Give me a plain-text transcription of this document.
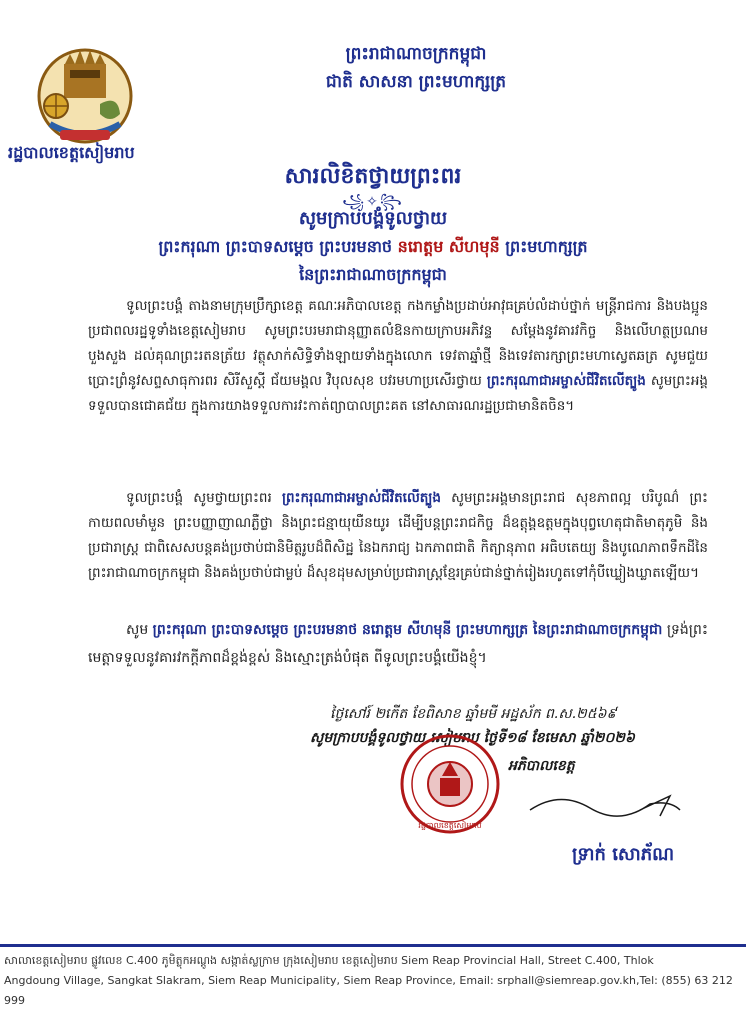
រដ្ឋបាលខេត្តសៀមរាប
ព្រះរាជាណាចក្រកម្ពុជា
ជាតិ សាសនា ព្រះមហាក្សត្រ
សារលិខិតថ្វាយព្រះពរ
꧁✧꧂
សូមក្រាបបង្គំទូលថ្វាយ
ព្រះករុណា ព្រះបាទសម្តេច ព្រះបរមនាថ នរោត្តម សីហមុនី ព្រះមហាក្សត្រ
នៃព្រះរាជាណាចក្រកម្ពុជា
ទូលព្រះបង្គំ តាងនាមក្រុមប្រឹក្សាខេត្ត គណៈអភិបាលខេត្ត កងកម្លាំងប្រដាប់អាវុធគ្រប់លំដាប់ថ្នាក់ មន្ត្រីរាជការ និងបងប្អូនប្រជាពលរដ្ឋទូទាំងខេត្តសៀមរាប សូមព្រះបរមរាជានុញ្ញាតលំឱនកាយក្រាបអភិវន្ទ សម្តែងនូវគារវកិច្ច និងលើហត្ថប្រណម បួងសួង ដល់គុណព្រះរតនត្រ័យ វត្ថុសាក់សិទ្ធិទាំងឡាយទាំងក្នុងលោក ទេវតាឆ្នាំថ្មី និងទេវតារក្សាព្រះមហាស្វេតឆត្រ សូមជួយប្រោះព្រំនូវសព្ទសាធុការពរ សិរីសួស្តី ជ័យមង្គល វិបុលសុខ បវរមហាប្រសើរថ្វាយ ព្រះករុណាជាអម្ចាស់ជីវិតលើត្បូង សូមព្រះអង្គទទួលបានជោគជ័យ ក្នុងការយាងទទួលការវះកាត់ព្យាបាលព្រះគត នៅសាធារណរដ្ឋប្រជាមានិតចិន។
ទូលព្រះបង្គំ សូមថ្វាយព្រះពរ ព្រះករុណាជាអម្ចាស់ជីវិតលើត្បូង សូមព្រះអង្គមានព្រះរាជ សុខភាពល្អ បរិបូណ៌ ព្រះកាយពលមាំមួន ព្រះបញ្ញាញាណភ្លឺថ្លា និងព្រះជន្មាយុយឺនយូរ ដើម្បីបន្តព្រះរាជកិច្ច ដ៏ឧត្តុង្គឧត្តមក្នុងបុព្វហេតុជាតិមាតុភូមិ និងប្រជារាស្ត្រ ជាពិសេសបន្តគង់ប្រថាប់ជានិមិត្តរូបដ៏ពិសិដ្ឋ នៃឯករាជ្យ ឯកភាពជាតិ កិត្យានុភាព អធិបតេយ្យ និងបូណេភាពទឹកដីនៃព្រះរាជាណាចក្រកម្ពុជា និងគង់ប្រថាប់ជាម្លប់ ដ៏សុខដុមសម្រាប់ប្រជារាស្ត្រខ្មែរគ្រប់ជាន់ថ្នាក់រៀងរហូតទៅកុំបីឃ្លៀងឃ្លាតឡើយ។
សូម ព្រះករុណា ព្រះបាទសម្តេច ព្រះបរមនាថ នរោត្តម សីហមុនី ព្រះមហាក្សត្រ នៃព្រះរាជាណាចក្រកម្ពុជា ទ្រង់ព្រះមេត្តាទទួលនូវគារវកក្តីភាពដ៏ខ្ពង់ខ្ពស់ និងស្មោះត្រង់បំផុត ពីទូលព្រះបង្គំយើងខ្ញុំ។
ថ្ងៃសៅរ៍ ២កើត ខែពិសាខ ឆ្នាំមមី អដ្ឋស័ក ព.ស.២៥៦៩
សូមក្រាបបង្គំទូលថ្វាយ សៀមរាប ថ្ងៃទី១៨ ខែមេសា ឆ្នាំ២០២៦
រដ្ឋបាលខេត្តសៀមរាប
អភិបាលខេត្ត
ទ្រាក់ សោភ័ណ
សាលាខេត្តសៀមរាប ផ្លូវលេខ C.400 ភូមិត្លុកអណ្តូង សង្កាត់ស្លក្រាម ក្រុងសៀមរាប ខេត្តសៀមរាប Siem Reap Provincial Hall, Street C.400, Thlok
Angdoung Village, Sangkat Slakram, Siem Reap Municipality, Siem Reap Province, Email: srphall@siemreap.gov.kh,Tel: (855) 63 212 999
